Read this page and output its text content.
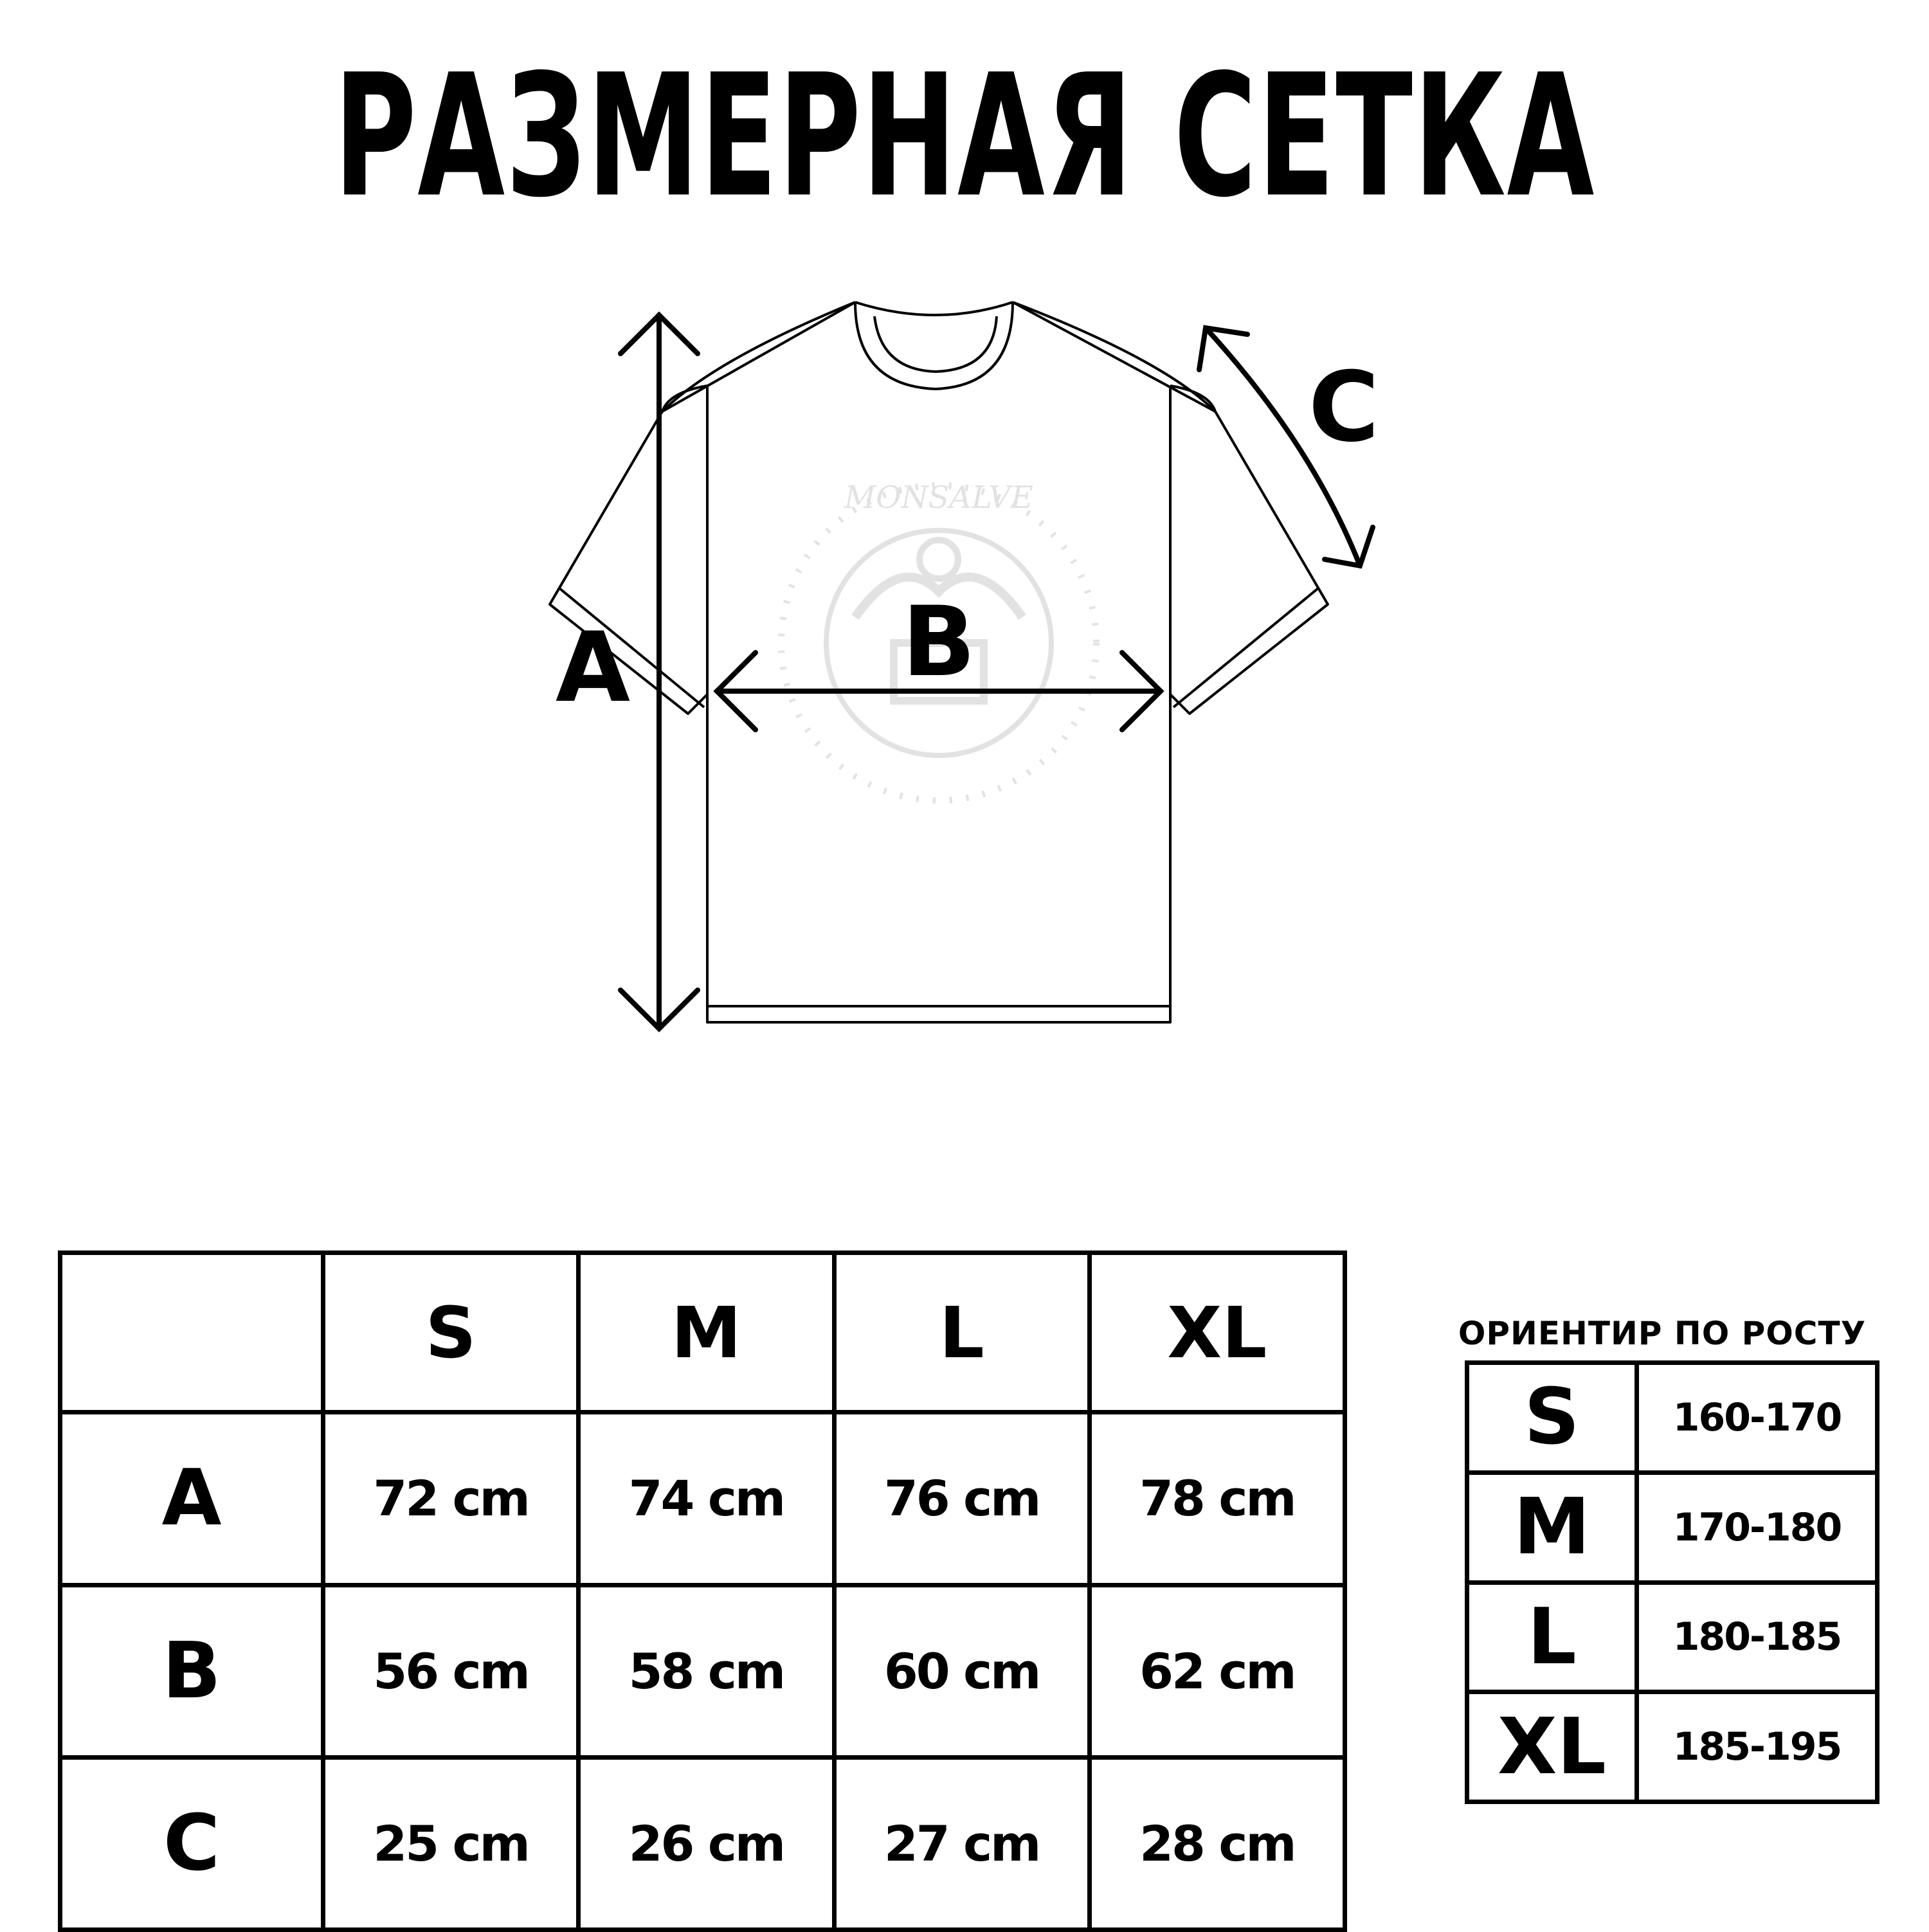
РАЗМЕРНАЯ СЕТКА
MONSALVE
A	B
C
	S	M	L	XL
A	72 cm	74 cm	76 cm	78 cm
B	56 cm	58 cm	60 cm	62 cm
C	25 cm	26 cm	27 cm	28 cm
ОРИЕНТИР ПО РОСТУ
S	160-170
M	170-180
L	180-185
XL	185-195
